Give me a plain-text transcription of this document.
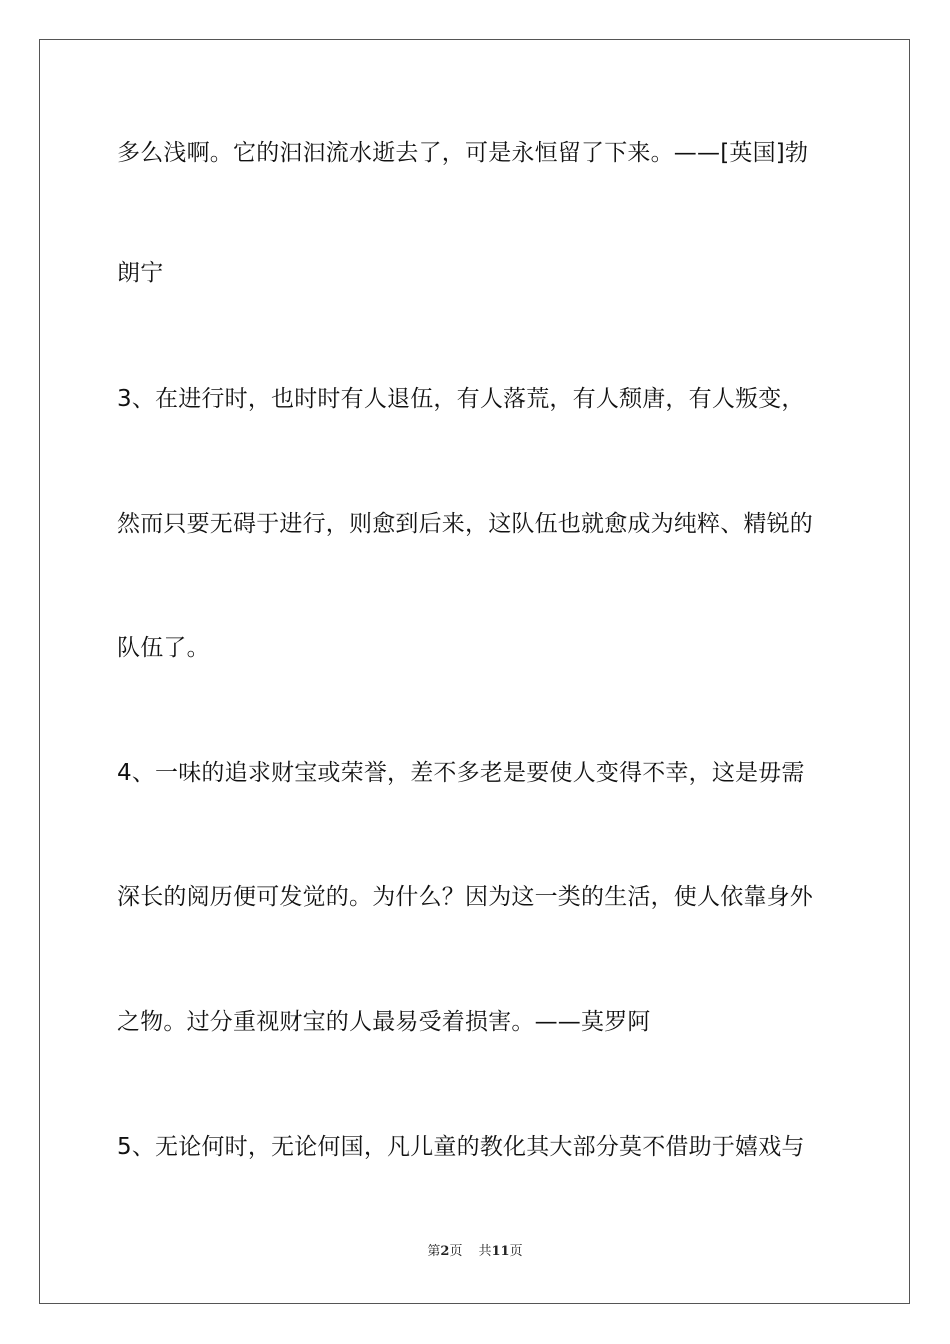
多么浅啊。它的汩汩流水逝去了，可是永恒留了下来。——[英国]勃
朗宁
3、在进行时，也时时有人退伍，有人落荒，有人颓唐，有人叛变，
然而只要无碍于进行，则愈到后来，这队伍也就愈成为纯粹、精锐的
队伍了。
4、一味的追求财宝或荣誉，差不多老是要使人变得不幸，这是毋需
深长的阅历便可发觉的。为什么？因为这一类的生活，使人依靠身外
之物。过分重视财宝的人最易受着损害。——莫罗阿
5、无论何时，无论何国，凡儿童的教化其大部分莫不借助于嬉戏与
第2页 共11页
